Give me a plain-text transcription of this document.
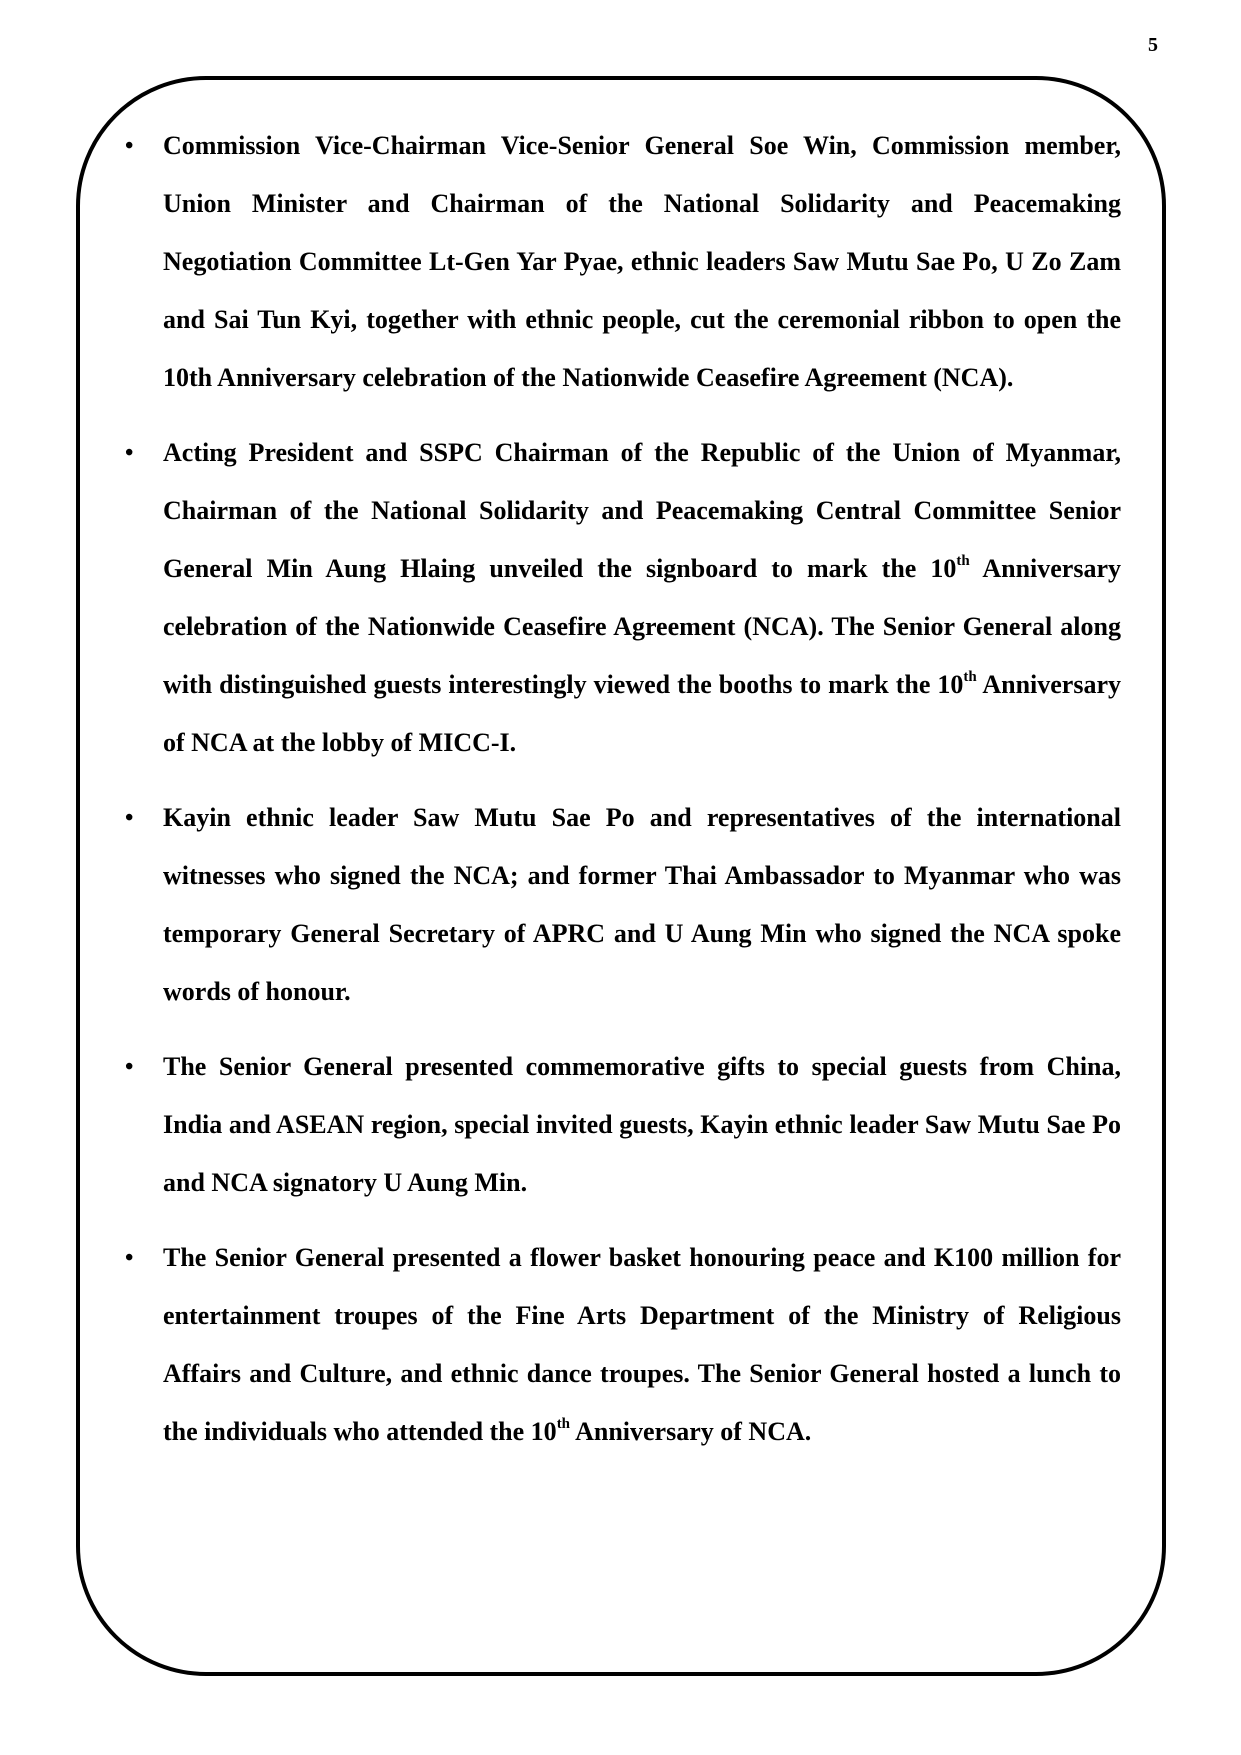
5
•	Commission Vice-Chairman Vice-Senior General Soe Win, Commission member, Union Minister and Chairman of the National Solidarity and Peacemaking Negotiation Committee Lt-Gen Yar Pyae, ethnic leaders Saw Mutu Sae Po, U Zo Zam and Sai Tun Kyi, together with ethnic people, cut the ceremonial ribbon to open the 10th Anniversary celebration of the Nationwide Ceasefire Agreement (NCA).
•	Acting President and SSPC Chairman of the Republic of the Union of Myanmar, Chairman of the National Solidarity and Peacemaking Central Committee Senior General Min Aung Hlaing unveiled the signboard to mark the 10th Anniversary celebration of the Nationwide Ceasefire Agreement (NCA). The Senior General along with distinguished guests interestingly viewed the booths to mark the 10th Anniversary of NCA at the lobby of MICC-I.
•	Kayin ethnic leader Saw Mutu Sae Po and representatives of the international witnesses who signed the NCA; and former Thai Ambassador to Myanmar who was temporary General Secretary of APRC and U Aung Min who signed the NCA spoke words of honour.
•	The Senior General presented commemorative gifts to special guests from China, India and ASEAN region, special invited guests, Kayin ethnic leader Saw Mutu Sae Po and NCA signatory U Aung Min.
•	The Senior General presented a flower basket honouring peace and K100 million for entertainment troupes of the Fine Arts Department of the Ministry of Religious Affairs and Culture, and ethnic dance troupes. The Senior General hosted a lunch to the individuals who attended the 10th Anniversary of NCA.
